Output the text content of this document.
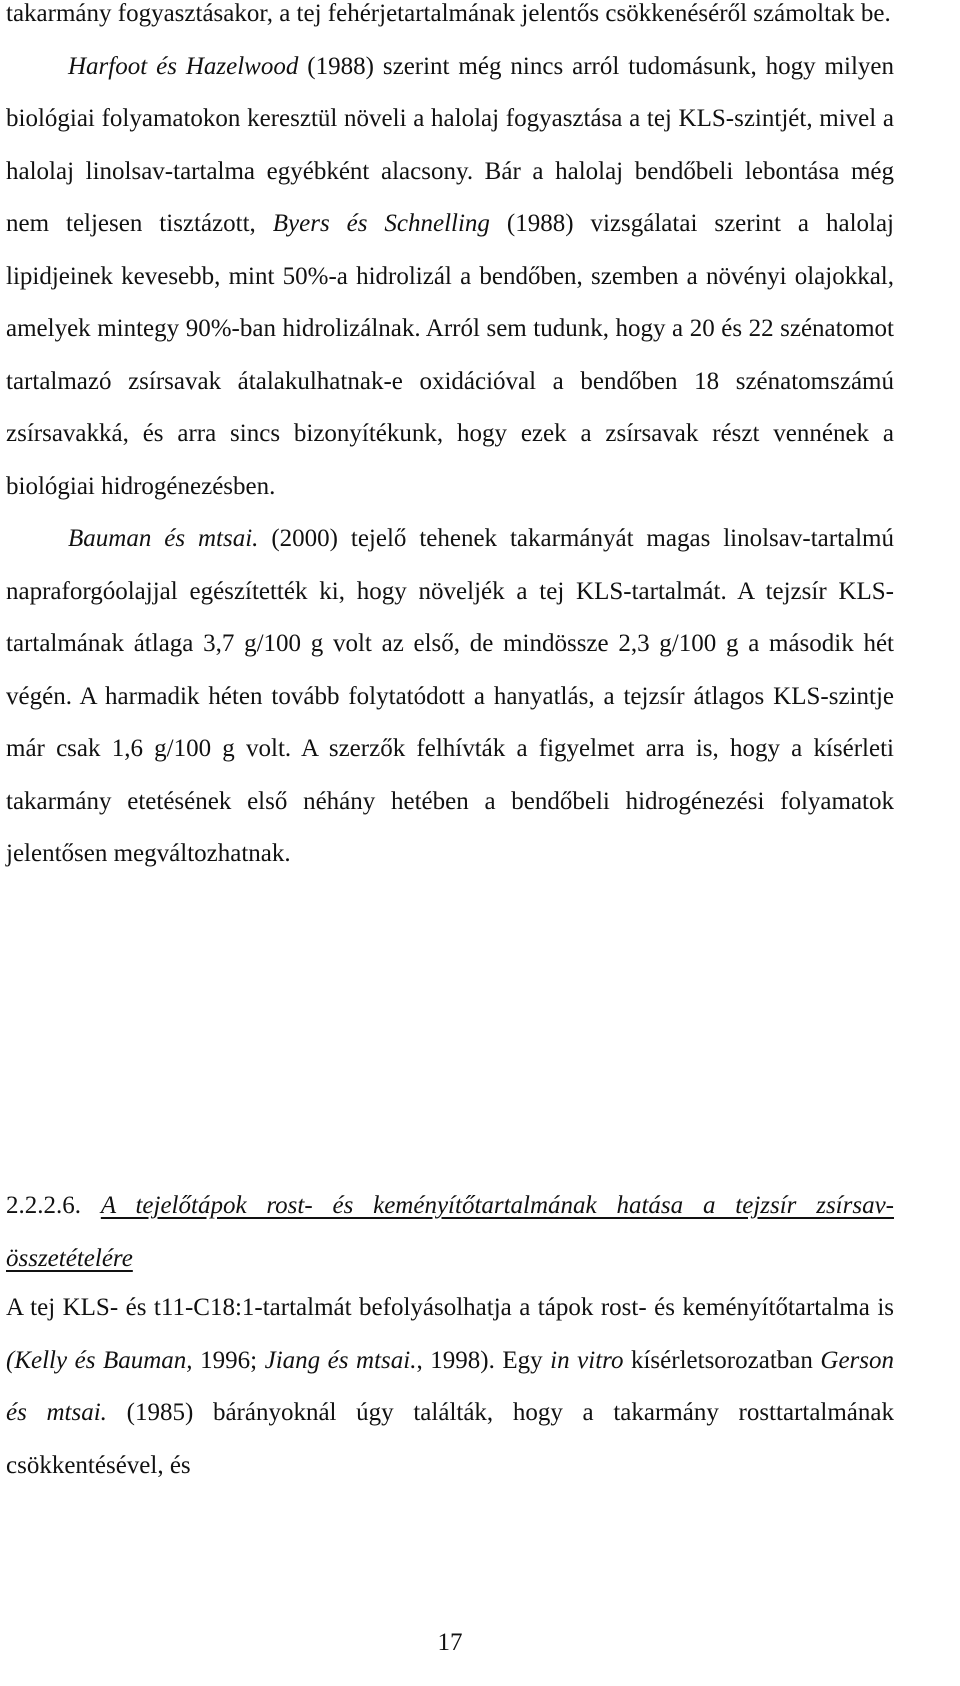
takarmány fogyasztásakor, a tej fehérjetartalmának jelentős csökkenéséről számoltak be.
Harfoot és Hazelwood (1988) szerint még nincs arról tudomásunk, hogy milyen biológiai folyamatokon keresztül növeli a halolaj fogyasztása a tej KLS-szintjét, mivel a halolaj linolsav-tartalma egyébként alacsony. Bár a halolaj bendőbeli lebontása még nem teljesen tisztázott, Byers és Schnelling (1988) vizsgálatai szerint a halolaj lipidjeinek kevesebb, mint 50%-a hidrolizál a bendőben, szemben a növényi olajokkal, amelyek mintegy 90%-ban hidrolizálnak. Arról sem tudunk, hogy a 20 és 22 szénatomot tartalmazó zsírsavak átalakulhatnak-e oxidációval a bendőben 18 szénatomszámú zsírsavakká, és arra sincs bizonyítékunk, hogy ezek a zsírsavak részt vennének a biológiai hidrogénezésben.
Bauman és mtsai. (2000) tejelő tehenek takarmányát magas linolsav-tartalmú napraforgóolajjal egészítették ki, hogy növeljék a tej KLS-tartalmát. A tejzsír KLS-tartalmának átlaga 3,7 g/100 g volt az első, de mindössze 2,3 g/100 g a második hét végén. A harmadik héten tovább folytatódott a hanyatlás, a tejzsír átlagos KLS-szintje már csak 1,6 g/100 g volt. A szerzők felhívták a figyelmet arra is, hogy a kísérleti takarmány etetésének első néhány hetében a bendőbeli hidrogénezési folyamatok jelentősen megváltozhatnak.

2.2.2.6. A tejelőtápok rost- és keményítőtartalmának hatása a tejzsír zsírsav-összetételére

A tej KLS- és t11-C18:1-tartalmát befolyásolhatja a tápok rost- és keményítőtartalma is (Kelly és Bauman, 1996; Jiang és mtsai., 1998). Egy in vitro kísérletsorozatban Gerson és mtsai. (1985) bárányoknál úgy találták, hogy a takarmány rosttartalmának csökkentésével, és

17
